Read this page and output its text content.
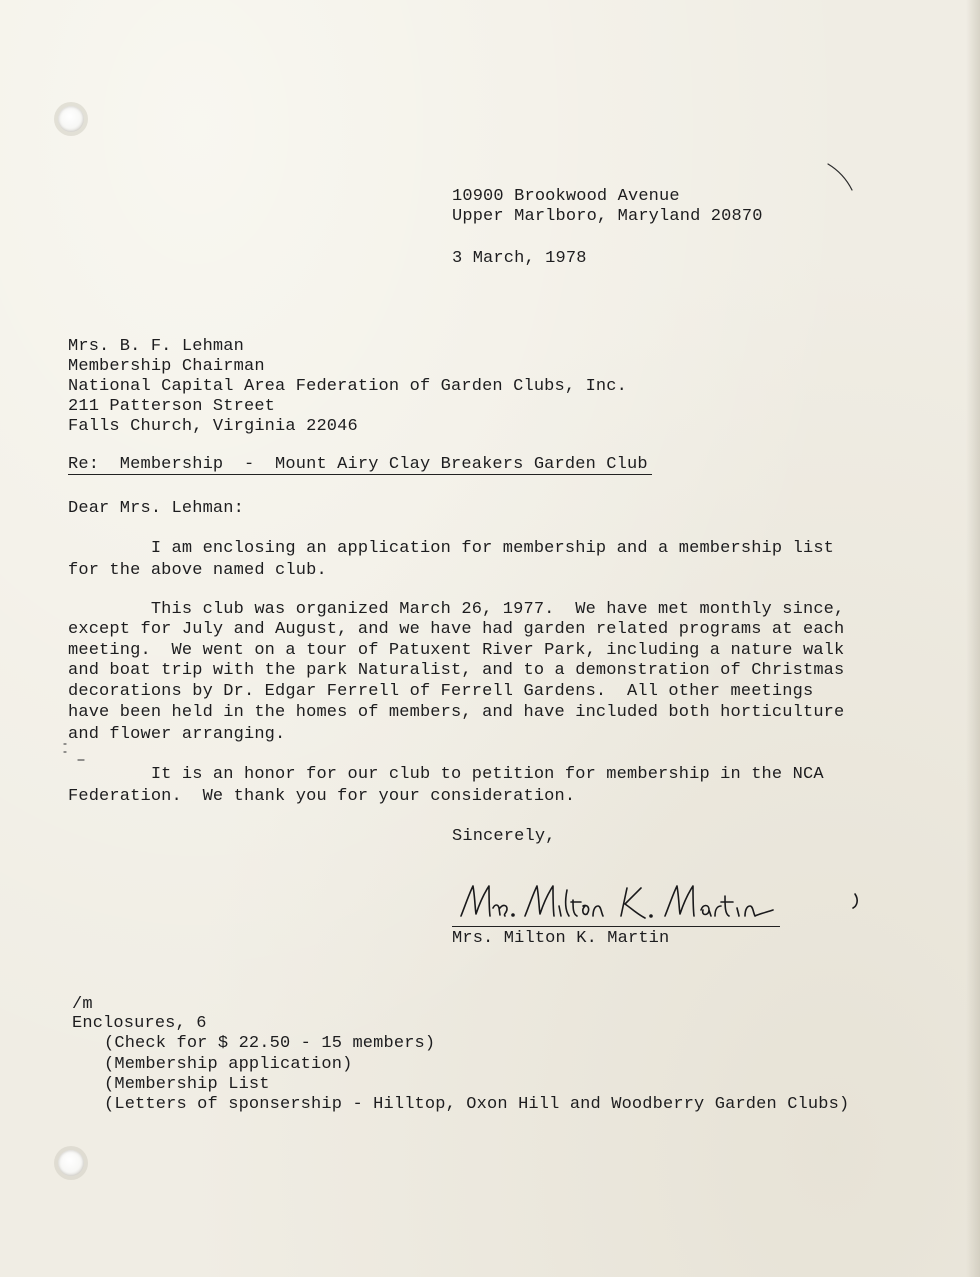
10900 Brookwood Avenue

Upper Marlboro, Maryland 20870

3 March, 1978

Mrs. B. F. Lehman

Membership Chairman

National Capital Area Federation of Garden Clubs, Inc.

211 Patterson Street

Falls Church, Virginia 22046

Re:  Membership  -  Mount Airy Clay Breakers Garden Club

Dear Mrs. Lehman:

I am enclosing an application for membership and a membership list

for the above named club.

This club was organized March 26, 1977.  We have met monthly since,

except for July and August, and we have had garden related programs at each

meeting.  We went on a tour of Patuxent River Park, including a nature walk

and boat trip with the park Naturalist, and to a demonstration of Christmas

decorations by Dr. Edgar Ferrell of Ferrell Gardens.  All other meetings

have been held in the homes of members, and have included both horticulture

and flower arranging.

It is an honor for our club to petition for membership in the NCA

Federation.  We thank you for your consideration.

Sincerely,

Mrs. Milton K. Martin

/m

Enclosures, 6

(Check for $ 22.50 - 15 members)

(Membership application)

(Membership List

(Letters of sponsership - Hilltop, Oxon Hill and Woodberry Garden Clubs)
